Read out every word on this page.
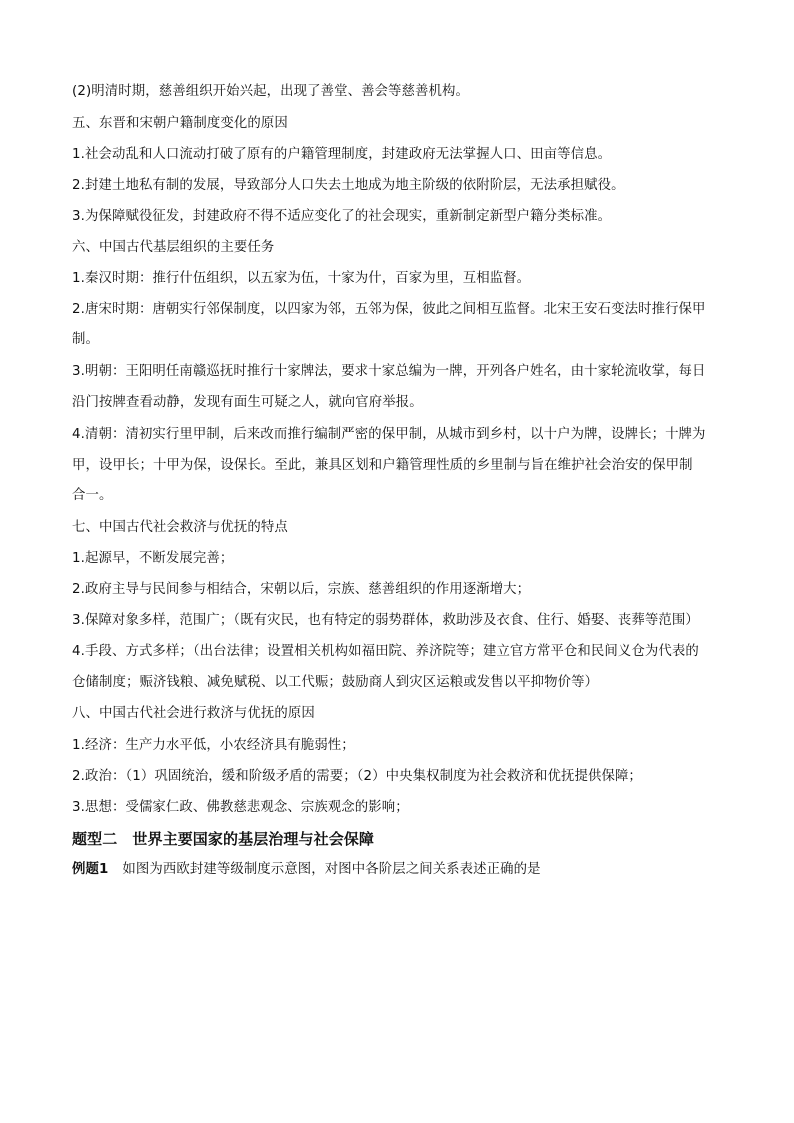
(2)明清时期，慈善组织开始兴起，出现了善堂、善会等慈善机构。
五、东晋和宋朝户籍制度变化的原因
1.社会动乱和人口流动打破了原有的户籍管理制度，封建政府无法掌握人口、田亩等信息。
2.封建土地私有制的发展，导致部分人口失去土地成为地主阶级的依附阶层，无法承担赋役。
3.为保障赋役征发，封建政府不得不适应变化了的社会现实，重新制定新型户籍分类标准。
六、中国古代基层组织的主要任务
1.秦汉时期：推行什伍组织，以五家为伍，十家为什，百家为里，互相监督。
2.唐宋时期：唐朝实行邻保制度，以四家为邻，五邻为保，彼此之间相互监督。北宋王安石变法时推行保甲
制。
3.明朝：王阳明任南赣巡抚时推行十家牌法，要求十家总编为一牌，开列各户姓名，由十家轮流收掌，每日
沿门按牌查看动静，发现有面生可疑之人，就向官府举报。
4.清朝：清初实行里甲制，后来改而推行编制严密的保甲制，从城市到乡村，以十户为牌，设牌长；十牌为
甲，设甲长；十甲为保，设保长。至此，兼具区划和户籍管理性质的乡里制与旨在维护社会治安的保甲制
合一。
七、中国古代社会救济与优抚的特点
1.起源早，不断发展完善；
2.政府主导与民间参与相结合，宋朝以后，宗族、慈善组织的作用逐渐增大；
3.保障对象多样，范围广；（既有灾民，也有特定的弱势群体，救助涉及衣食、住行、婚娶、丧葬等范围）
4.手段、方式多样；（出台法律；设置相关机构如福田院、养济院等；建立官方常平仓和民间义仓为代表的
仓储制度；赈济钱粮、减免赋税、以工代赈；鼓励商人到灾区运粮或发售以平抑物价等）
八、中国古代社会进行救济与优抚的原因
1.经济：生产力水平低，小农经济具有脆弱性；
2.政治：（1）巩固统治，缓和阶级矛盾的需要；（2）中央集权制度为社会救济和优抚提供保障；
3.思想：受儒家仁政、佛教慈悲观念、宗族观念的影响；
题型二　世界主要国家的基层治理与社会保障
例题1 如图为西欧封建等级制度示意图，对图中各阶层之间关系表述正确的是
